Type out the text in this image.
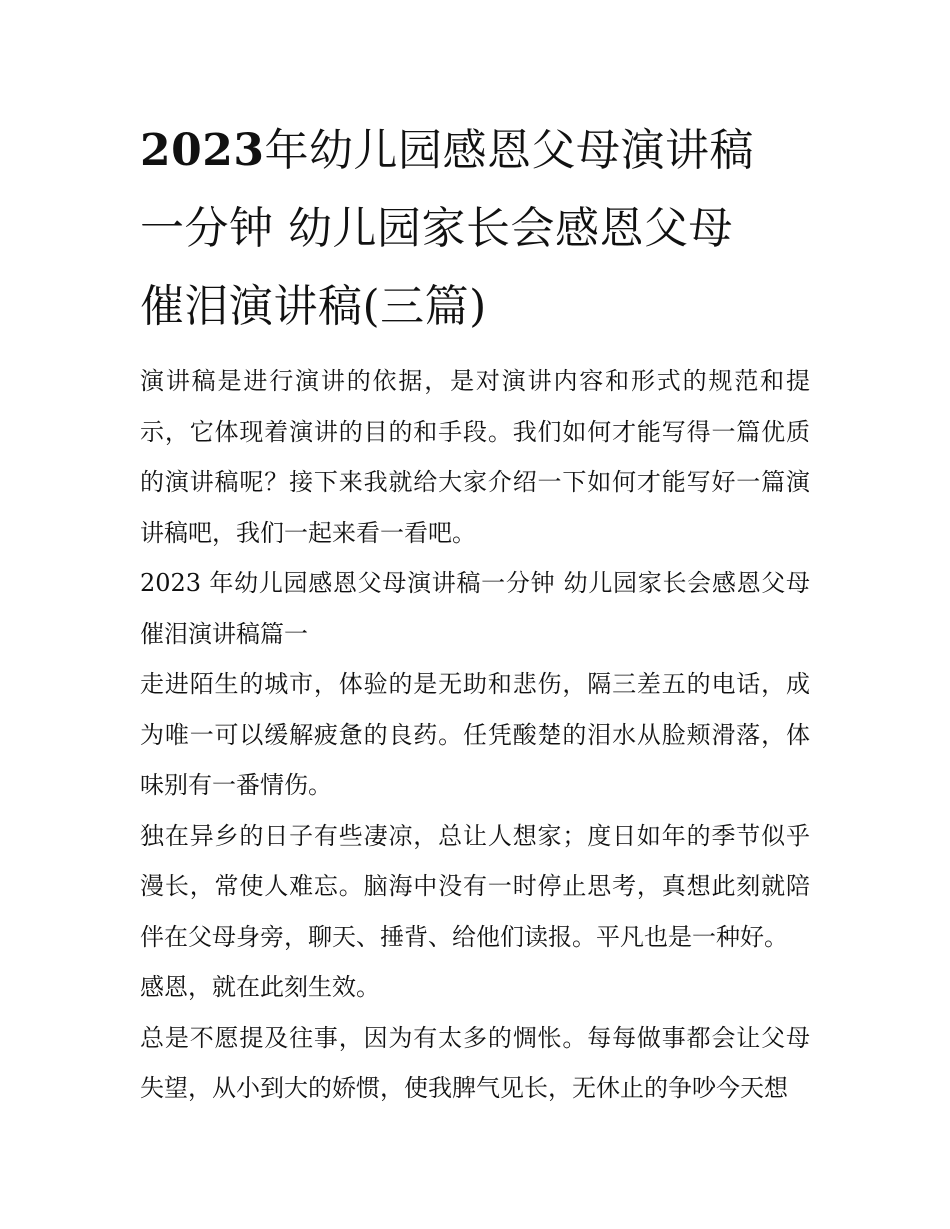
2023年幼儿园感恩父母演讲稿
一分钟 幼儿园家长会感恩父母
催泪演讲稿(三篇)

演讲稿是进行演讲的依据，是对演讲内容和形式的规范和提示，它体现着演讲的目的和手段。我们如何才能写得一篇优质的演讲稿呢？接下来我就给大家介绍一下如何才能写好一篇演讲稿吧，我们一起来看一看吧。

2023 年幼儿园感恩父母演讲稿一分钟 幼儿园家长会感恩父母催泪演讲稿篇一

走进陌生的城市，体验的是无助和悲伤，隔三差五的电话，成为唯一可以缓解疲惫的良药。任凭酸楚的泪水从脸颊滑落，体味别有一番情伤。

独在异乡的日子有些凄凉，总让人想家；度日如年的季节似乎漫长，常使人难忘。脑海中没有一时停止思考，真想此刻就陪伴在父母身旁，聊天、捶背、给他们读报。平凡也是一种好。

感恩，就在此刻生效。

总是不愿提及往事，因为有太多的惆怅。每每做事都会让父母失望，从小到大的娇惯，使我脾气见长，无休止的争吵今天想
